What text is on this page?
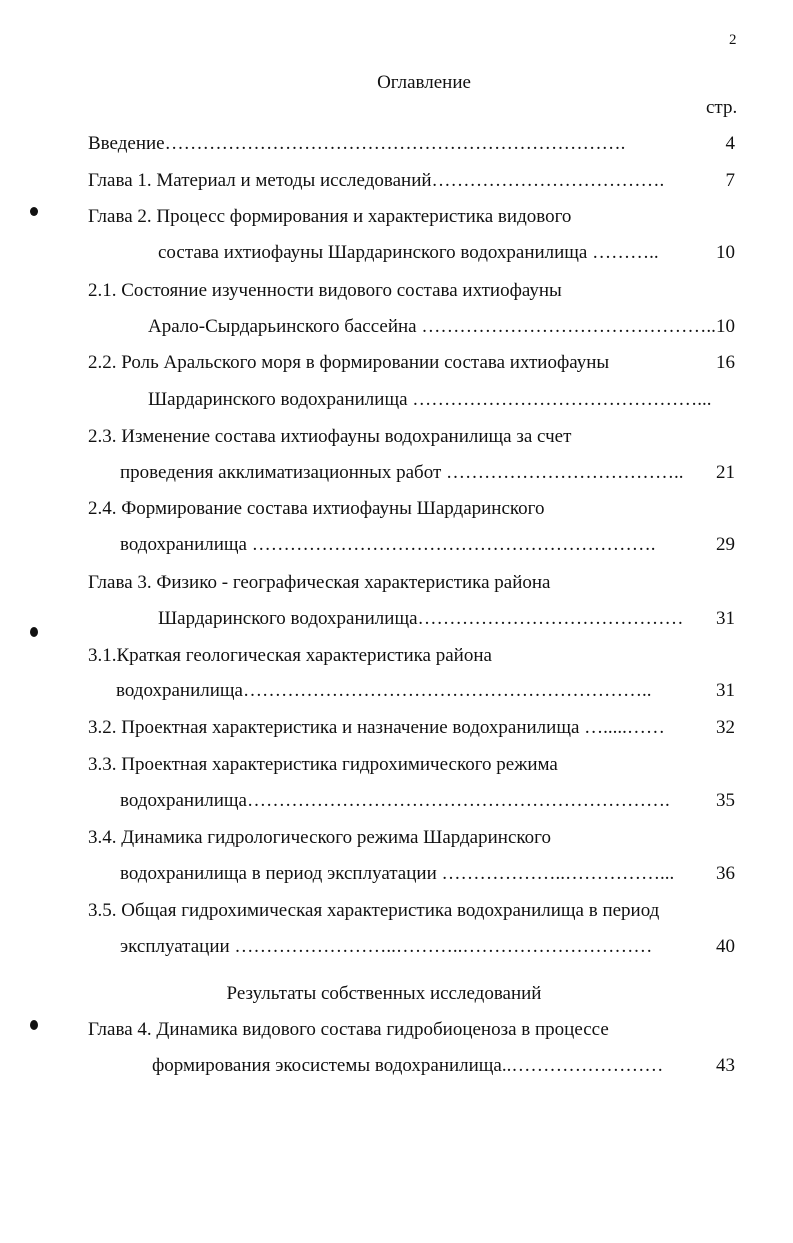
2
Оглавление
стр.
Введение……………………………………………………………….	4
Глава 1. Материал и методы исследований……………………………….	7
Глава 2. Процесс формирования и характеристика видового
состава ихтиофауны Шардаринского водохранилища ………..	10
2.1. Состояние изученности видового состава ихтиофауны
Арало-Сырдарьинского бассейна ……………………………………….. 10
2.2. Роль Аральского моря в формировании состава ихтиофауны	16
Шардаринского водохранилища ………………………………………...
2.3. Изменение состава ихтиофауны водохранилища за счет
проведения акклиматизационных работ ……………………………….. 21
2.4. Формирование состава ихтиофауны Шардаринского
водохранилища ……………………………………………………….	29
Глава 3. Физико - географическая характеристика района
Шардаринского водохранилища…………………………………… 31
3.1.Краткая геологическая характеристика района
водохранилища………………………………………………………..	31
3.2. Проектная характеристика и назначение водохранилища ….....……	32
3.3. Проектная характеристика гидрохимического режима
водохранилища…………………………………………………………. 35
3.4. Динамика гидрологического режима Шардаринского
водохранилища в период эксплуатации ………………..……………... 36
3.5. Общая гидрохимическая характеристика водохранилища в период
эксплуатации ……………………..………..…………………………	40
Результаты собственных исследований
Глава 4. Динамика видового состава гидробиоценоза в процессе
формирования экосистемы водохранилища..……………………	43
